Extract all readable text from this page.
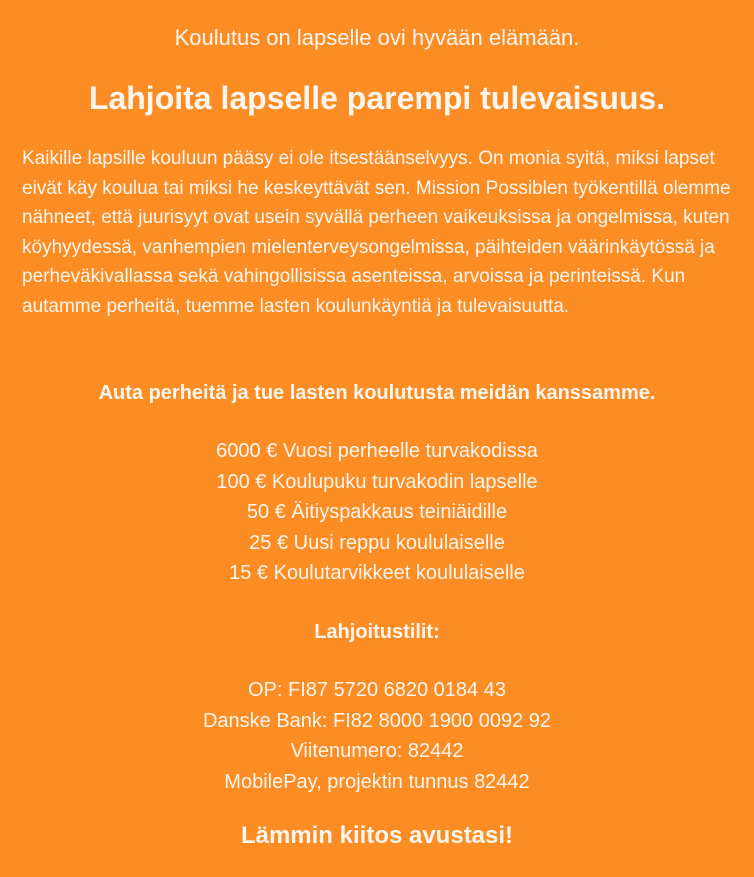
Koulutus on lapselle ovi hyvään elämään.
Lahjoita lapselle parempi tulevaisuus.

Kaikille lapsille kouluun pääsy ei ole itsestäänselvyys. On monia syitä, miksi lapset eivät käy koulua tai miksi he keskeyttävät sen. Mission Possiblen työkentillä olemme nähneet, että juurisyyt ovat usein syvällä perheen vaikeuksissa ja ongelmissa, kuten köyhyydessä, vanhempien mielenterveysongelmissa, päihteiden väärinkäytössä ja perheväkivallassa sekä vahingollisissa asenteissa, arvoissa ja perinteissä. Kun autamme perheitä, tuemme lasten koulunkäyntiä ja tulevaisuutta.

Auta perheitä ja tue lasten koulutusta meidän kanssamme.
6000 € Vuosi perheelle turvakodissa
100 € Koulupuku turvakodin lapselle
50 € Äitiyspakkaus teiniäidille
25 € Uusi reppu koululaiselle
15 € Koulutarvikkeet koululaiselle
Lahjoitustilit:
OP: FI87 5720 6820 0184 43
Danske Bank: FI82 8000 1900 0092 92
Viitenumero: 82442
MobilePay, projektin tunnus 82442
Lämmin kiitos avustasi!
